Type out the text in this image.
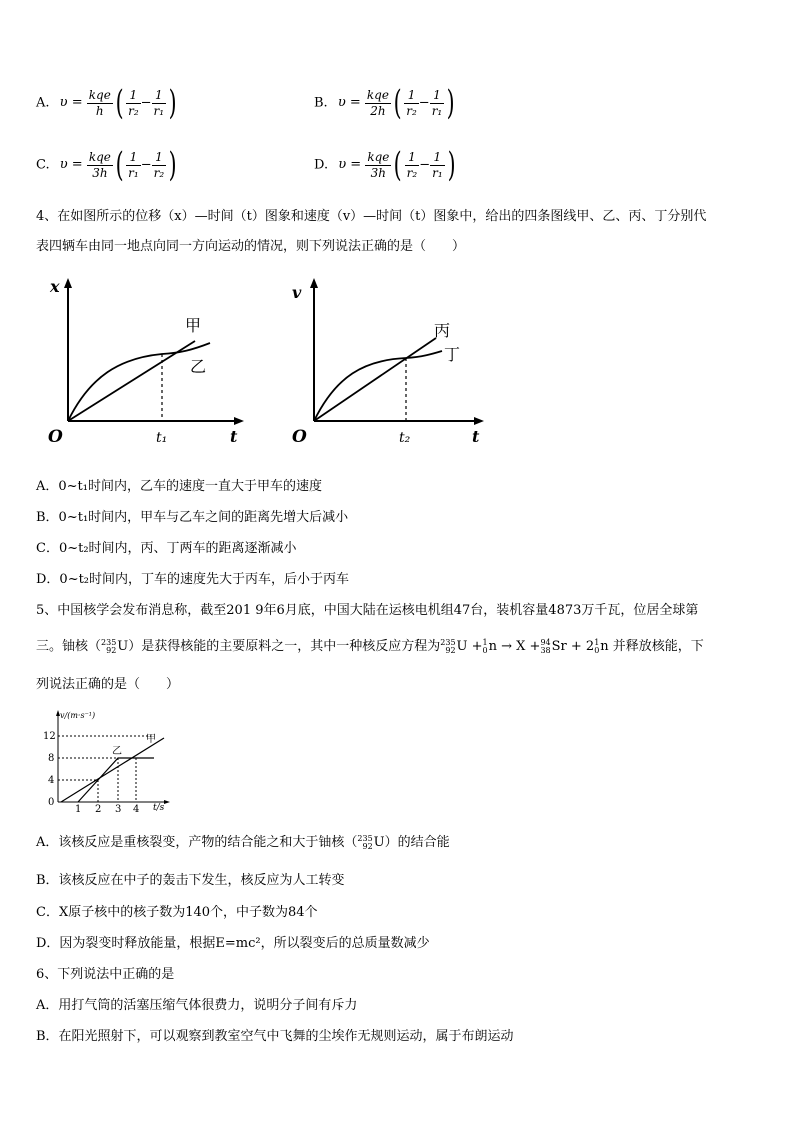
A. $\upsilon = \frac{\text{kqe}}{h}$ ( $\frac{1}{\text{r₂}} - \frac{1}{\text{r₁}}$ )	B. $\upsilon = \frac{\text{kqe}}{2h}$ ( $\frac{1}{\text{r₂}} - \frac{1}{\text{r₁}}$ )
C. $\upsilon = \frac{\text{kqe}}{3h}$ ( $\frac{1}{\text{r₁}} - \frac{1}{\text{r₂}}$ )	D. $\upsilon = \frac{\text{kqe}}{3h}$ ( $\frac{1}{\text{r₂}} - \frac{1}{\text{r₁}}$ )
4、在如图所示的位移（x）—时间（t）图象和速度（v）—时间（t）图象中，给出的四条图线甲、乙、丙、丁分别代
表四辆车由同一地点向同一方向运动的情况，则下列说法正确的是（　　）
x
t
O	t₁
甲
乙
v
t
O	t₂
丙
丁
A．0~t₁时间内，乙车的速度一直大于甲车的速度
B．0~t₁时间内，甲车与乙车之间的距离先增大后减小
C．0~t₂时间内，丙、丁两车的距离逐渐减小
D．0~t₂时间内，丁车的速度先大于丙车，后小于丙车
5、中国核学会发布消息称，截至201 9年6月底，中国大陆在运核电机组47台，装机容量4873万千瓦，位居全球第
三。铀核（ 235
92 U）是获得核能的主要原料之一，其中一种核反应方程为 235
92 U + 1
0 n → X + 94
38 Sr + 2 1
0 n 并释放核能，下
列说法正确的是（　　）
v/(m·s⁻¹)
12
8
4
0
1 2 3 4 t/s
甲
乙
A．该核反应是重核裂变，产物的结合能之和大于铀核（ 235
92 U）的结合能
B．该核反应在中子的轰击下发生，核反应为人工转变
C．X原子核中的核子数为140个，中子数为84个
D．因为裂变时释放能量，根据E=mc²，所以裂变后的总质量数减少
6、下列说法中正确的是
A．用打气筒的活塞压缩气体很费力，说明分子间有斥力
B．在阳光照射下，可以观察到教室空气中飞舞的尘埃作无规则运动，属于布朗运动
